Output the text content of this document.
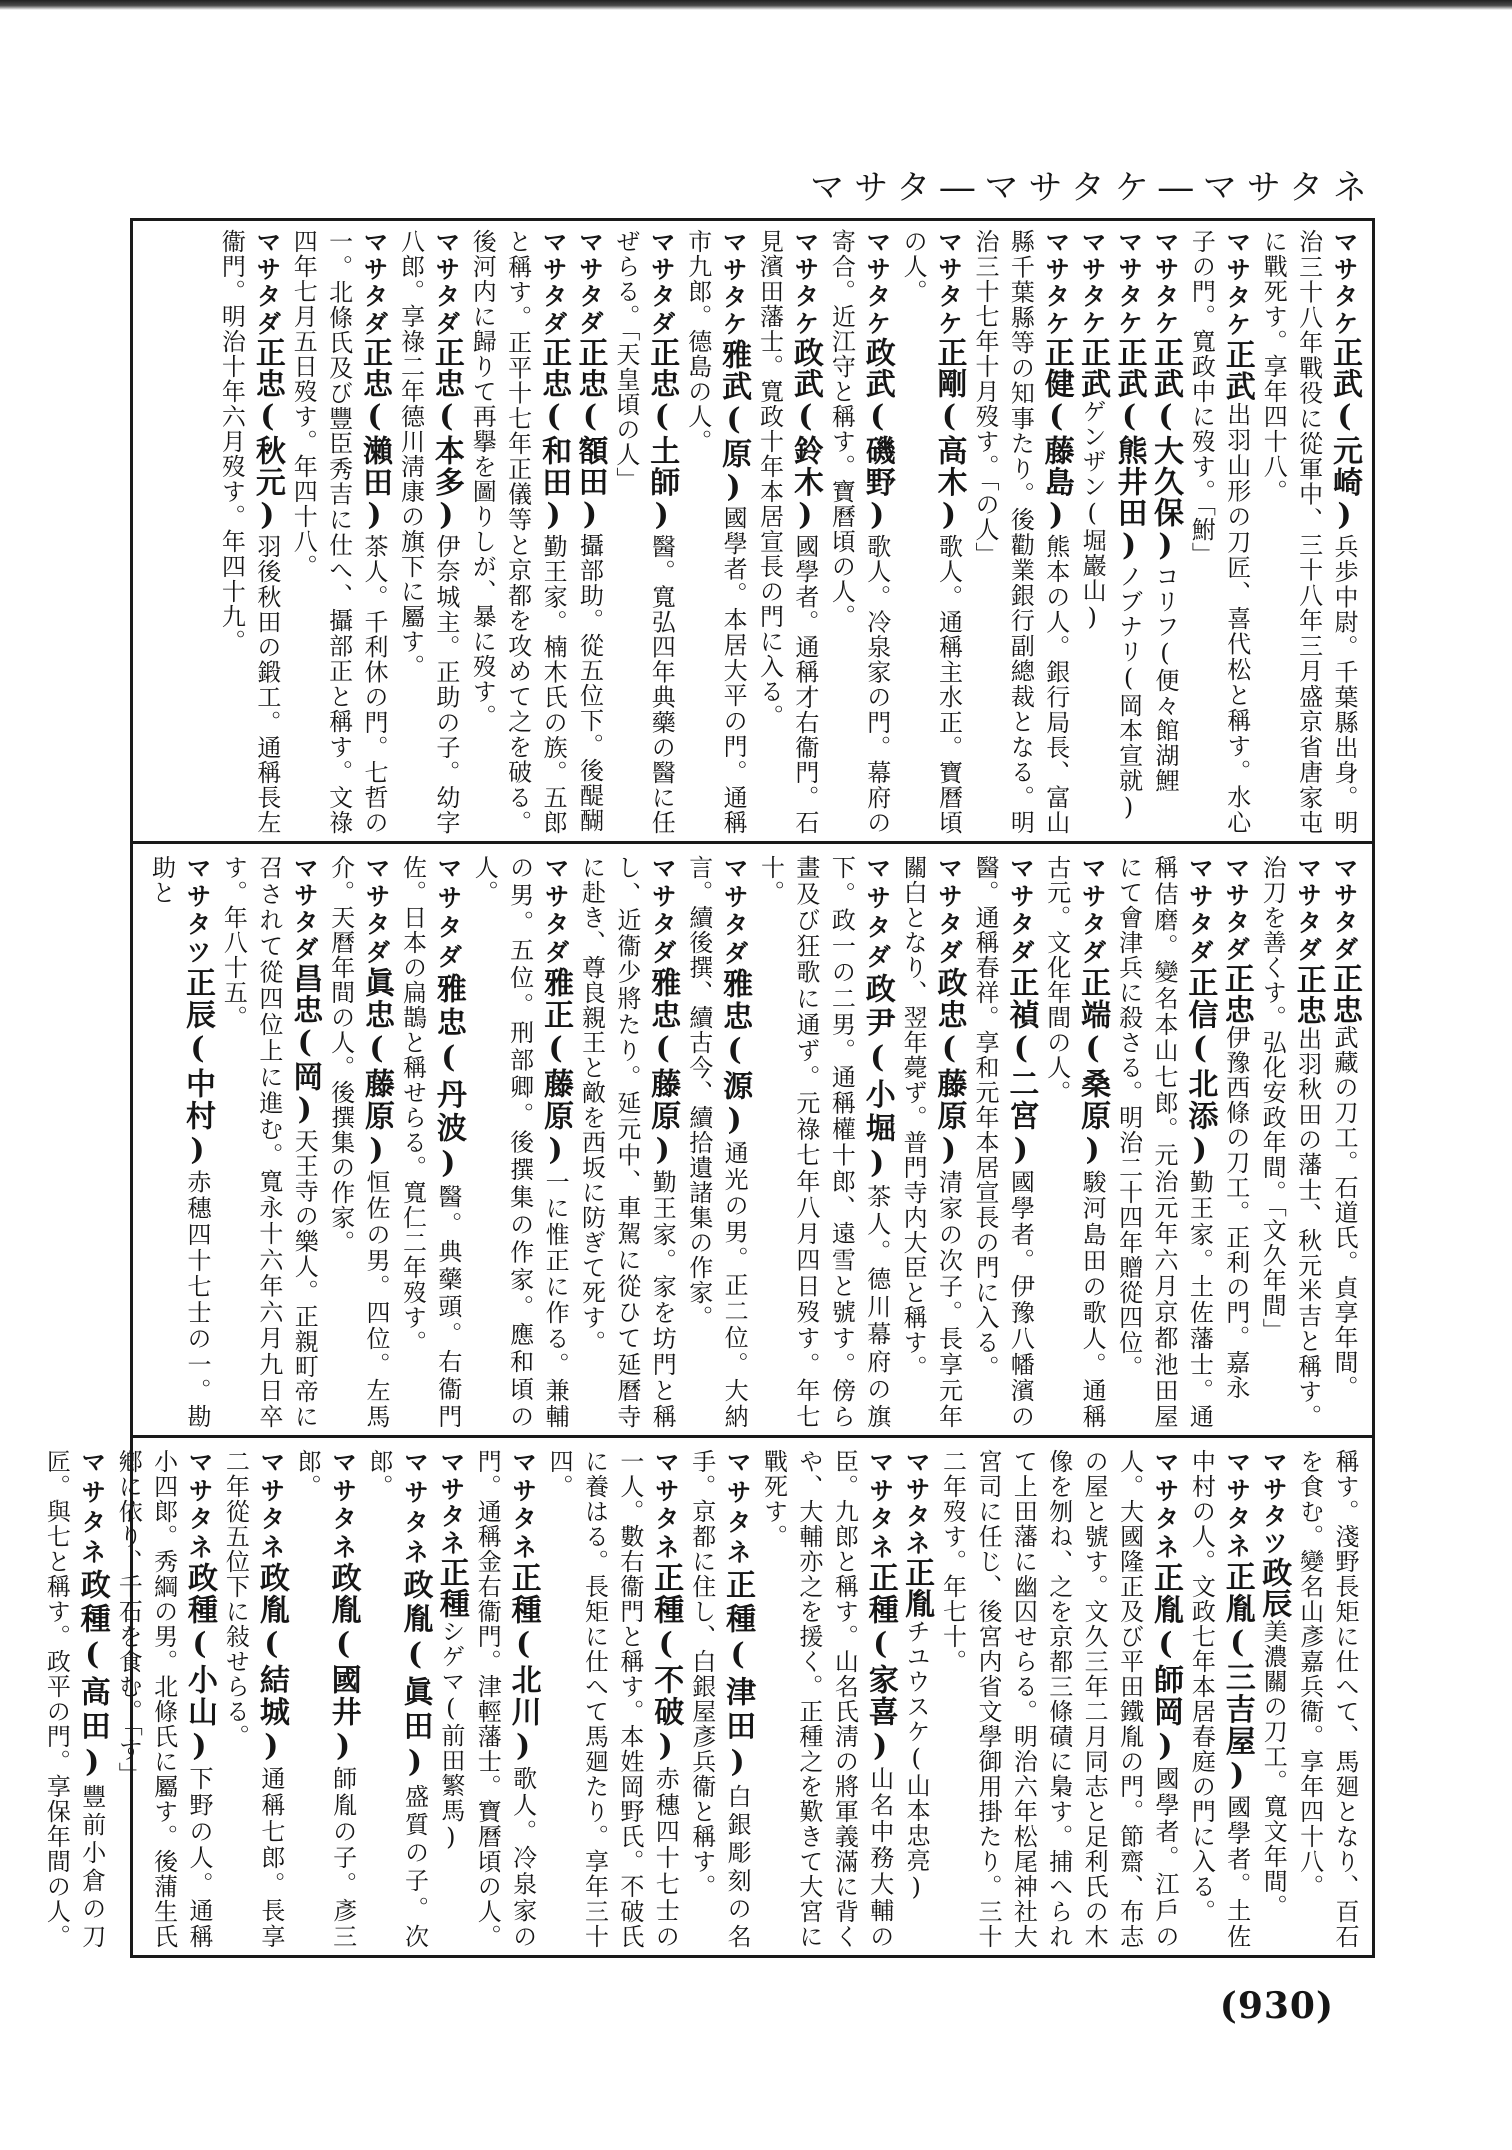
マサタ―マサタケ―マサタネ
マサタケ正武(元崎)兵歩中尉。千葉縣出身。明治三十八年戰役に從軍中、三十八年三月盛京省唐家屯に戰死す。享年四十八。
マサタケ正武出羽山形の刀匠、喜代松と稱す。水心子の門。寬政中に歿す。「鮒」
マサタケ正武(大久保)コリフ(便々館湖鯉
マサタケ正武(熊井田)ノブナリ(岡本宣就)
マサタケ正武ゲンザン(堀巖山)
マサタケ正健(藤島)熊本の人。銀行局長、富山縣千葉縣等の知事たり。後勸業銀行副總裁となる。明治三十七年十月歿す。「の人」
マサタケ正剛(高木)歌人。通稱主水正。寶曆頃の人。
マサタケ政武(磯野)歌人。冷泉家の門。幕府の寄合。近江守と稱す。寶曆頃の人。
マサタケ政武(鈴木)國學者。通稱才右衞門。石見濱田藩士。寬政十年本居宣長の門に入る。
マサタケ雅武(原)國學者。本居大平の門。通稱市九郎。德島の人。
マサタダ正忠(土師)醫。寬弘四年典藥の醫に任ぜらる。「天皇頃の人」
マサタダ正忠(額田)攝部助。從五位下。後醍醐
マサタダ正忠(和田)勤王家。楠木氏の族。五郎と稱す。正平十七年正儀等と京都を攻めて之を破る。後河内に歸りて再擧を圖りしが、暴に歿す。
マサタダ正忠(本多)伊奈城主。正助の子。幼字八郎。享祿二年德川淸康の旗下に屬す。
マサタダ正忠(瀨田)茶人。千利休の門。七哲の一。北條氏及び豐臣秀吉に仕へ、攝部正と稱す。文祿四年七月五日歿す。年四十八。
マサタダ正忠(秋元)羽後秋田の鍛工。通稱長左衞門。明治十年六月歿す。年四十九。
マサタダ正忠武藏の刀工。石道氏。貞享年間。
マサタダ正忠出羽秋田の藩士、秋元米吉と稱す。治刀を善くす。弘化安政年間。「文久年間」
マサタダ正忠伊豫西條の刀工。正利の門。嘉永
マサタダ正信(北添)勤王家。土佐藩士。通稱佶磨。變名本山七郎。元治元年六月京都池田屋にて會津兵に殺さる。明治二十四年贈從四位。
マサタダ正端(桑原)駿河島田の歌人。通稱古元。文化年間の人。
マサタダ正禎(二宮)國學者。伊豫八幡濱の醫。通稱春祥。享和元年本居宣長の門に入る。
マサタダ政忠(藤原)清家の次子。長享元年關白となり、翌年薨ず。普門寺内大臣と稱す。
マサタダ政尹(小堀)茶人。德川幕府の旗下。政一の二男。通稱權十郎、遠雪と號す。傍ら畫及び狂歌に通ず。元祿七年八月四日歿す。年七十。
マサタダ雅忠(源)通光の男。正二位。大納言。續後撰、續古今、續拾遺諸集の作家。
マサタダ雅忠(藤原)勤王家。家を坊門と稱し、近衞少將たり。延元中、車駕に從ひて延曆寺に赴き、尊良親王と敵を西坂に防ぎて死す。
マサタダ雅正(藤原)一に惟正に作る。兼輔の男。五位。刑部卿。後撰集の作家。應和頃の人。
マサタダ雅忠(丹波)醫。典藥頭。右衞門佐。日本の扁鵲と稱せらる。寬仁二年歿す。
マサタダ眞忠(藤原)恒佐の男。四位。左馬介。天曆年間の人。後撰集の作家。
マサタダ昌忠(岡)天王寺の樂人。正親町帝に召されて從四位上に進む。寬永十六年六月九日卒す。年八十五。
マサタツ正辰(中村)赤穗四十七士の一。勘助と
稱す。淺野長矩に仕へて、馬廻となり、百石を食む。變名山彥嘉兵衞。享年四十八。
マサタツ政辰美濃關の刀工。寬文年間。
マサタネ正胤(三吉屋)國學者。土佐中村の人。文政七年本居春庭の門に入る。
マサタネ正胤(師岡)國學者。江戶の人。大國隆正及び平田鐵胤の門。節齋、布志の屋と號す。文久三年二月同志と足利氏の木像を刎ね、之を京都三條磧に梟す。捕へられて上田藩に幽囚せらる。明治六年松尾神社大宮司に任じ、後宮内省文學御用掛たり。三十二年歿す。年七十。
マサタネ正胤チユウスケ(山本忠亮)
マサタネ正種(家喜)山名中務大輔の臣。九郎と稱す。山名氏淸の將軍義滿に背くや、大輔亦之を援く。正種之を歎きて大宮に戰死す。
マサタネ正種(津田)白銀彫刻の名手。京都に住し、白銀屋彥兵衞と稱す。
マサタネ正種(不破)赤穗四十七士の一人。數右衞門と稱す。本姓岡野氏。不破氏に養はる。長矩に仕へて馬廻たり。享年三十四。
マサタネ正種(北川)歌人。冷泉家の門。通稱金右衞門。津輕藩士。寶曆頃の人。
マサタネ正種シゲマ(前田繁馬)
マサタネ政胤(眞田)盛質の子。次郎。
マサタネ政胤(國井)師胤の子。彥三郎。
マサタネ政胤(結城)通稱七郎。長享二年從五位下に敍せらる。
マサタネ政種(小山)下野の人。通稱小四郞。秀綱の男。北條氏に屬す。後蒲生氏鄕に依り、千石を食む。「す」
マサタネ政種(高田)豐前小倉の刀匠。與七と稱す。政平の門。享保年間の人。
(930)
